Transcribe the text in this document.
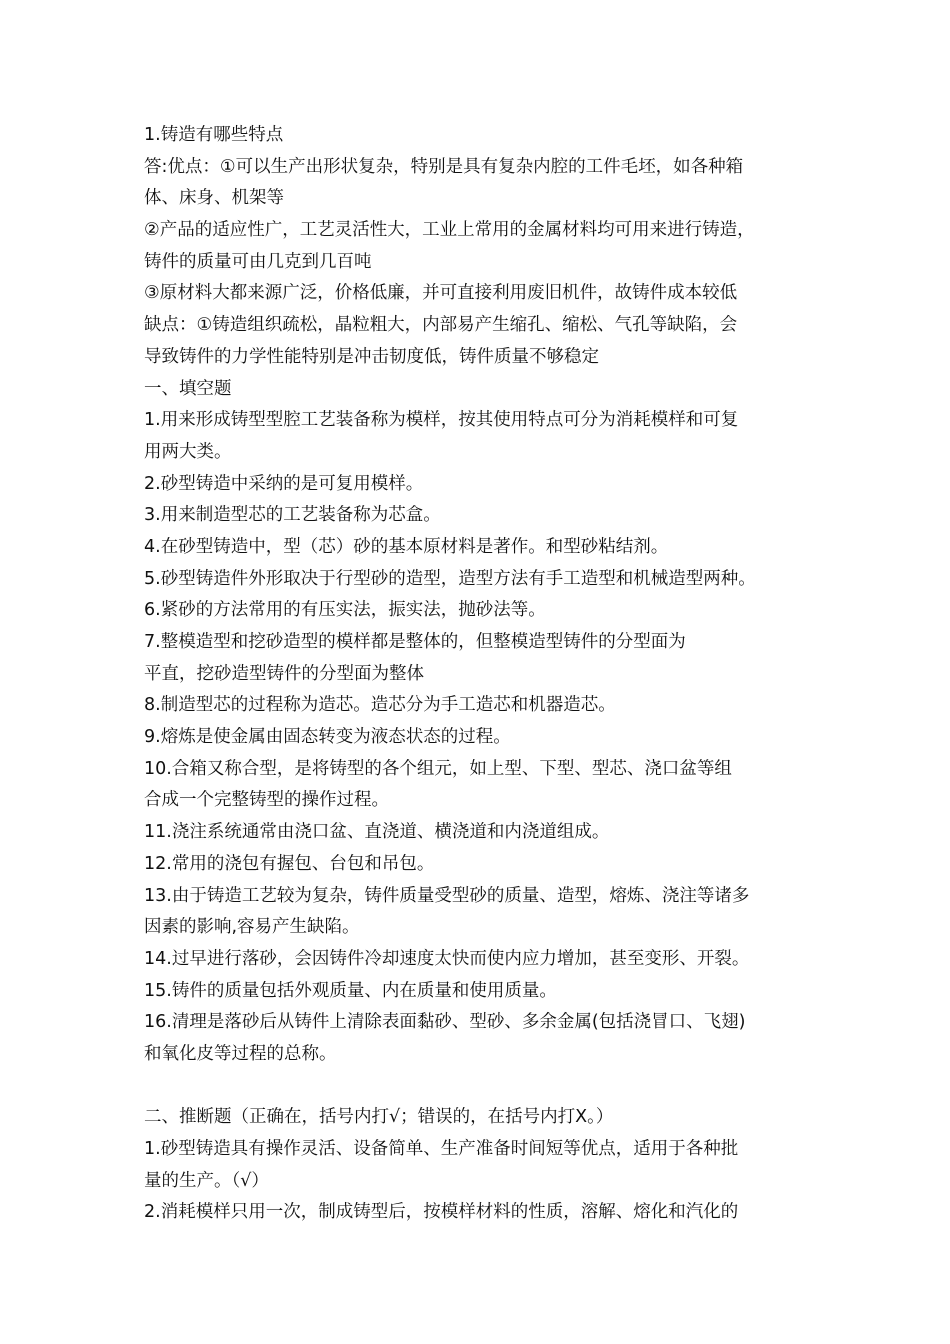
1.铸造有哪些特点
答:优点：①可以生产出形状复杂，特别是具有复杂内腔的工件毛坯，如各种箱
体、床身、机架等
②产品的适应性广，工艺灵活性大，工业上常用的金属材料均可用来进行铸造，
铸件的质量可由几克到几百吨
③原材料大都来源广泛，价格低廉，并可直接利用废旧机件，故铸件成本较低
缺点：①铸造组织疏松，晶粒粗大，内部易产生缩孔、缩松、气孔等缺陷，会
导致铸件的力学性能特别是冲击韧度低，铸件质量不够稳定
一、填空题
1.用来形成铸型型腔工艺装备称为模样，按其使用特点可分为消耗模样和可复
用两大类。
2.砂型铸造中采纳的是可复用模样。
3.用来制造型芯的工艺装备称为芯盒。
4.在砂型铸造中，型（芯）砂的基本原材料是著作。和型砂粘结剂。
5.砂型铸造件外形取决于行型砂的造型，造型方法有手工造型和机械造型两种。
6.紧砂的方法常用的有压实法，振实法，抛砂法等。
7.整模造型和挖砂造型的模样都是整体的，但整模造型铸件的分型面为
平直，挖砂造型铸件的分型面为整体
8.制造型芯的过程称为造芯。造芯分为手工造芯和机器造芯。
9.熔炼是使金属由固态转变为液态状态的过程。
10.合箱又称合型，是将铸型的各个组元，如上型、下型、型芯、浇口盆等组
合成一个完整铸型的操作过程。
11.浇注系统通常由浇口盆、直浇道、横浇道和内浇道组成。
12.常用的浇包有握包、台包和吊包。
13.由于铸造工艺较为复杂，铸件质量受型砂的质量、造型，熔炼、浇注等诸多
因素的影响,容易产生缺陷。
14.过早进行落砂，会因铸件冷却速度太快而使内应力增加，甚至变形、开裂。
15.铸件的质量包括外观质量、内在质量和使用质量。
16.清理是落砂后从铸件上清除表面黏砂、型砂、多余金属(包括浇冒口、飞翅)
和氧化皮等过程的总称。
二、推断题（正确在，括号内打√；错误的，在括号内打X。）
1.砂型铸造具有操作灵活、设备简单、生产准备时间短等优点，适用于各种批
量的生产。（√）
2.消耗模样只用一次，制成铸型后，按模样材料的性质，溶解、熔化和汽化的
